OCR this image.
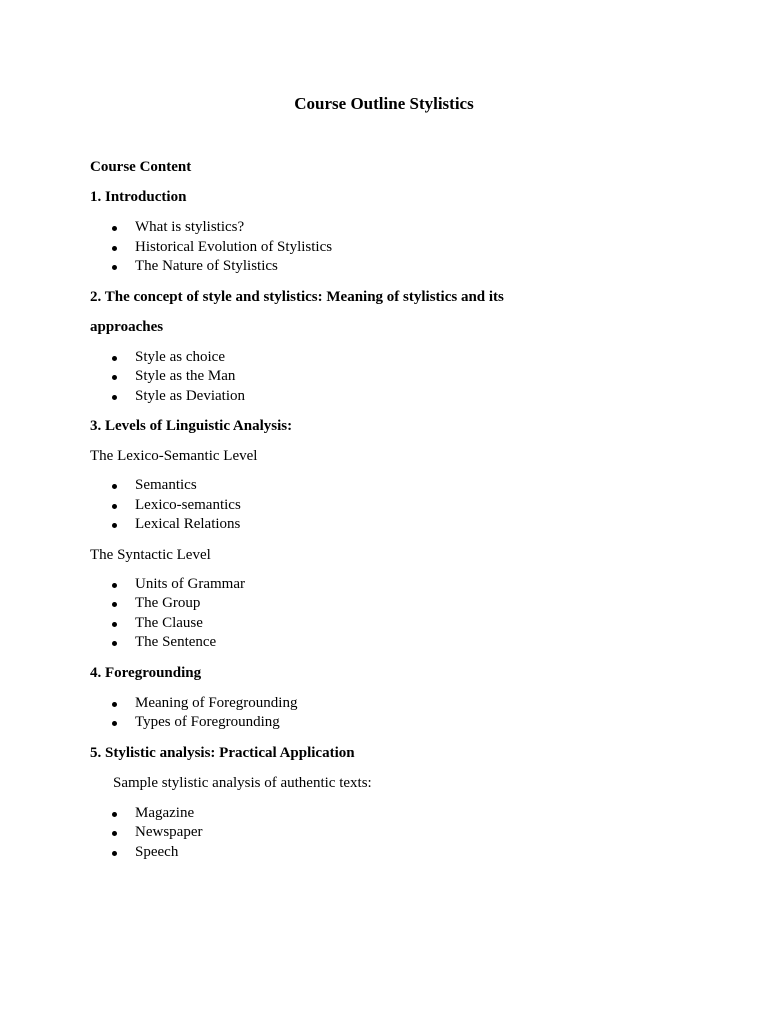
Course Outline Stylistics

Course Content

1. Introduction

What is stylistics?
Historical Evolution of Stylistics
The Nature of Stylistics

2. The concept of style and stylistics: Meaning of stylistics and its

approaches

Style as choice
Style as the Man
Style as Deviation

3. Levels of Linguistic Analysis:

The Lexico-Semantic Level

Semantics
Lexico-semantics
Lexical Relations

The Syntactic Level

Units of Grammar
The Group
The Clause
The Sentence

4. Foregrounding

Meaning of Foregrounding
Types of Foregrounding

5. Stylistic analysis: Practical Application

Sample stylistic analysis of authentic texts:

Magazine
Newspaper
Speech
